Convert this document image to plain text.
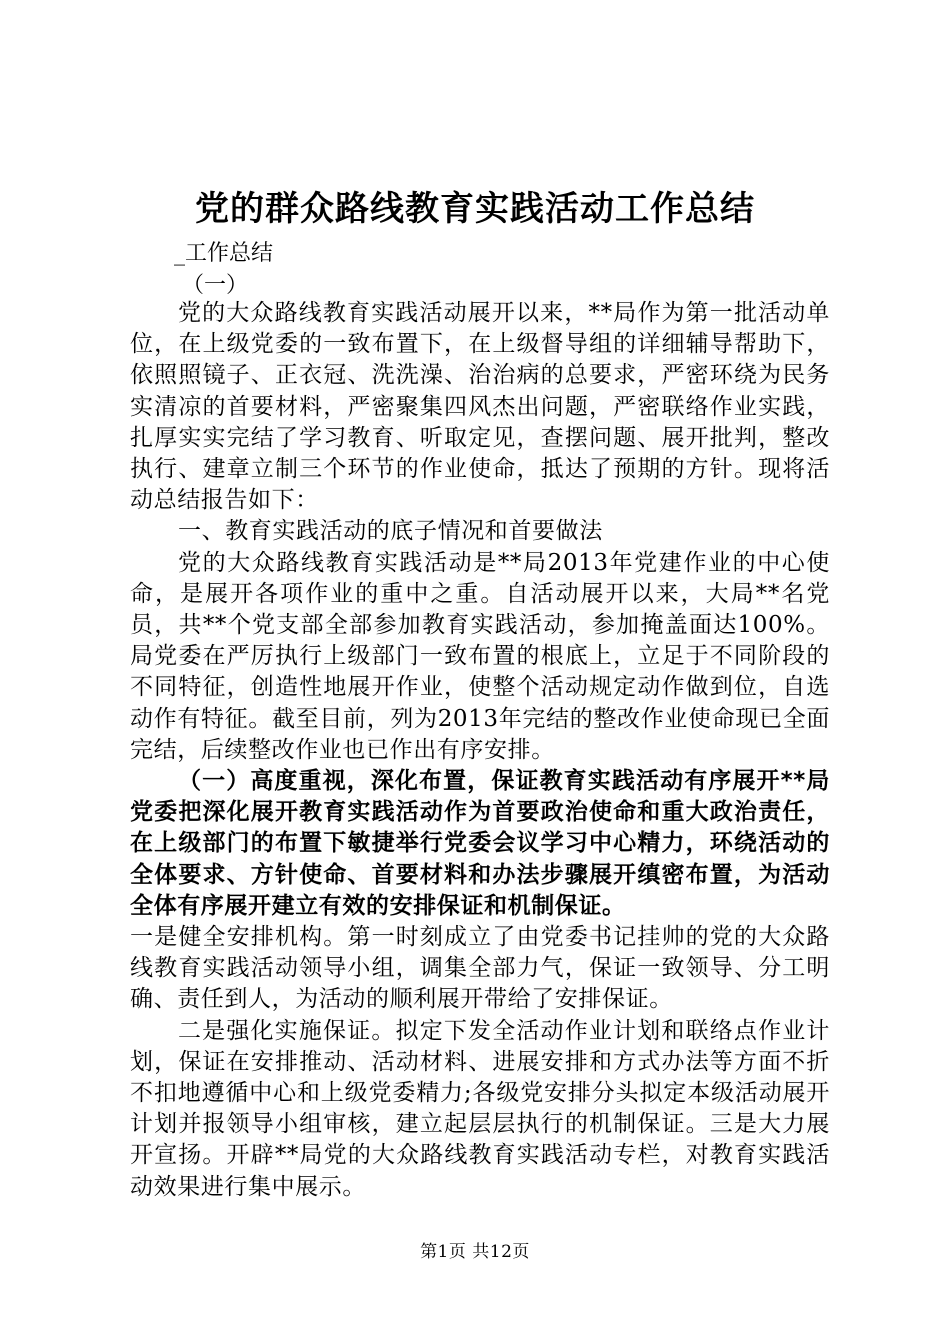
党的群众路线教育实践活动工作总结
_工作总结
（一）

党的大众路线教育实践活动展开以来，**局作为第一批活动单位，在上级党委的一致布置下，在上级督导组的详细辅导帮助下，依照照镜子、正衣冠、洗洗澡、治治病的总要求，严密环绕为民务实清凉的首要材料，严密聚集四风杰出问题，严密联络作业实践，扎厚实实完结了学习教育、听取定见，查摆问题、展开批判，整改执行、建章立制三个环节的作业使命，抵达了预期的方针。现将活动总结报告如下：

一、教育实践活动的底子情况和首要做法

党的大众路线教育实践活动是**局2013年党建作业的中心使命，是展开各项作业的重中之重。自活动展开以来，大局**名党员，共**个党支部全部参加教育实践活动，参加掩盖面达100%。局党委在严厉执行上级部门一致布置的根底上，立足于不同阶段的不同特征，创造性地展开作业，使整个活动规定动作做到位，自选动作有特征。截至目前，列为2013年完结的整改作业使命现已全面完结，后续整改作业也已作出有序安排。

（一）高度重视，深化布置，保证教育实践活动有序展开**局党委把深化展开教育实践活动作为首要政治使命和重大政治责任，在上级部门的布置下敏捷举行党委会议学习中心精力，环绕活动的全体要求、方针使命、首要材料和办法步骤展开缜密布置，为活动全体有序展开建立有效的安排保证和机制保证。

一是健全安排机构。第一时刻成立了由党委书记挂帅的党的大众路线教育实践活动领导小组，调集全部力气，保证一致领导、分工明确、责任到人，为活动的顺利展开带给了安排保证。

二是强化实施保证。拟定下发全活动作业计划和联络点作业计划，保证在安排推动、活动材料、进展安排和方式办法等方面不折不扣地遵循中心和上级党委精力;各级党安排分头拟定本级活动展开计划并报领导小组审核，建立起层层执行的机制保证。三是大力展开宣扬。开辟**局党的大众路线教育实践活动专栏，对教育实践活动效果进行集中展示。

第1页 共12页
